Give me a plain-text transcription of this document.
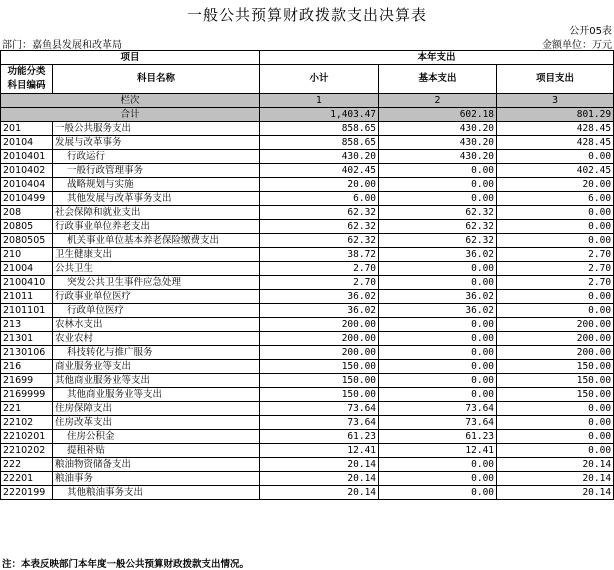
一般公共预算财政拨款支出决算表
公开05表
部门：嘉鱼县发展和改革局	金额单位：万元
项目		本年支出		
功能分类 科目编码	科目名称	小计	基本支出	项目支出
栏次		1	2	3
合计		1,403.47	602.18	801.29
201	一般公共服务支出	858.65	430.20	428.45
20104	发展与改革事务	858.65	430.20	428.45
2010401	行政运行	430.20	430.20	0.00
2010402	一般行政管理事务	402.45	0.00	402.45
2010404	战略规划与实施	20.00	0.00	20.00
2010499	其他发展与改革事务支出	6.00	0.00	6.00
208	社会保障和就业支出	62.32	62.32	0.00
20805	行政事业单位养老支出	62.32	62.32	0.00
2080505	机关事业单位基本养老保险缴费支出	62.32	62.32	0.00
210	卫生健康支出	38.72	36.02	2.70
21004	公共卫生	2.70	0.00	2.70
2100410	突发公共卫生事件应急处理	2.70	0.00	2.70
21011	行政事业单位医疗	36.02	36.02	0.00
2101101	行政单位医疗	36.02	36.02	0.00
213	农林水支出	200.00	0.00	200.00
21301	农业农村	200.00	0.00	200.00
2130106	科技转化与推广服务	200.00	0.00	200.00
216	商业服务业等支出	150.00	0.00	150.00
21699	其他商业服务业等支出	150.00	0.00	150.00
2169999	其他商业服务业等支出	150.00	0.00	150.00
221	住房保障支出	73.64	73.64	0.00
22102	住房改革支出	73.64	73.64	0.00
2210201	住房公积金	61.23	61.23	0.00
2210202	提租补贴	12.41	12.41	0.00
222	粮油物资储备支出	20.14	0.00	20.14
22201	粮油事务	20.14	0.00	20.14
2220199	其他粮油事务支出	20.14	0.00	20.14
注：本表反映部门本年度一般公共预算财政拨款支出情况。
